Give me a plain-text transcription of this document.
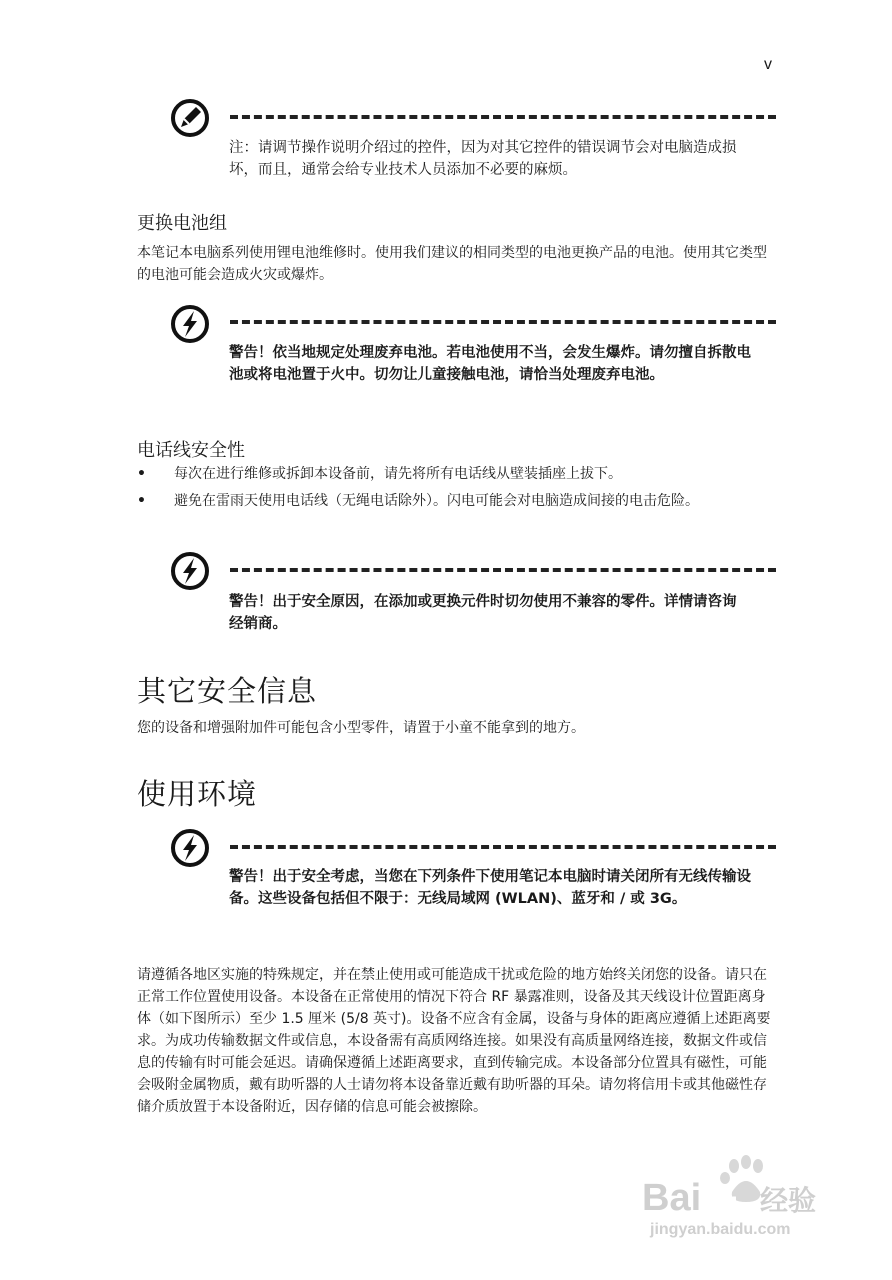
v
注：请调节操作说明介绍过的控件，因为对其它控件的错误调节会对电脑造成损坏，而且，通常会给专业技术人员添加不必要的麻烦。
更换电池组
本笔记本电脑系列使用锂电池维修时。使用我们建议的相同类型的电池更换产品的电池。使用其它类型的电池可能会造成火灾或爆炸。
警告！依当地规定处理废弃电池。若电池使用不当，会发生爆炸。请勿擅自拆散电池或将电池置于火中。切勿让儿童接触电池，请恰当处理废弃电池。
电话线安全性
• 每次在进行维修或拆卸本设备前，请先将所有电话线从壁装插座上拔下。
• 避免在雷雨天使用电话线（无绳电话除外）。闪电可能会对电脑造成间接的电击危险。
警告！出于安全原因，在添加或更换元件时切勿使用不兼容的零件。详情请咨询经销商。
其它安全信息
您的设备和增强附加件可能包含小型零件，请置于小童不能拿到的地方。
使用环境
警告！出于安全考虑，当您在下列条件下使用笔记本电脑时请关闭所有无线传输设备。这些设备包括但不限于：无线局域网 (WLAN)、蓝牙和 / 或 3G。
请遵循各地区实施的特殊规定，并在禁止使用或可能造成干扰或危险的地方始终关闭您的设备。请只在正常工作位置使用设备。本设备在正常使用的情况下符合 RF 暴露准则，设备及其天线设计位置距离身体（如下图所示）至少 1.5 厘米 (5/8 英寸)。设备不应含有金属，设备与身体的距离应遵循上述距离要求。为成功传输数据文件或信息，本设备需有高质网络连接。如果没有高质量网络连接，数据文件或信息的传输有时可能会延迟。请确保遵循上述距离要求，直到传输完成。本设备部分位置具有磁性，可能会吸附金属物质，戴有助听器的人士请勿将本设备靠近戴有助听器的耳朵。请勿将信用卡或其他磁性存储介质放置于本设备附近，因存储的信息可能会被擦除。
Bai du 经验
jingyan.baidu.com
